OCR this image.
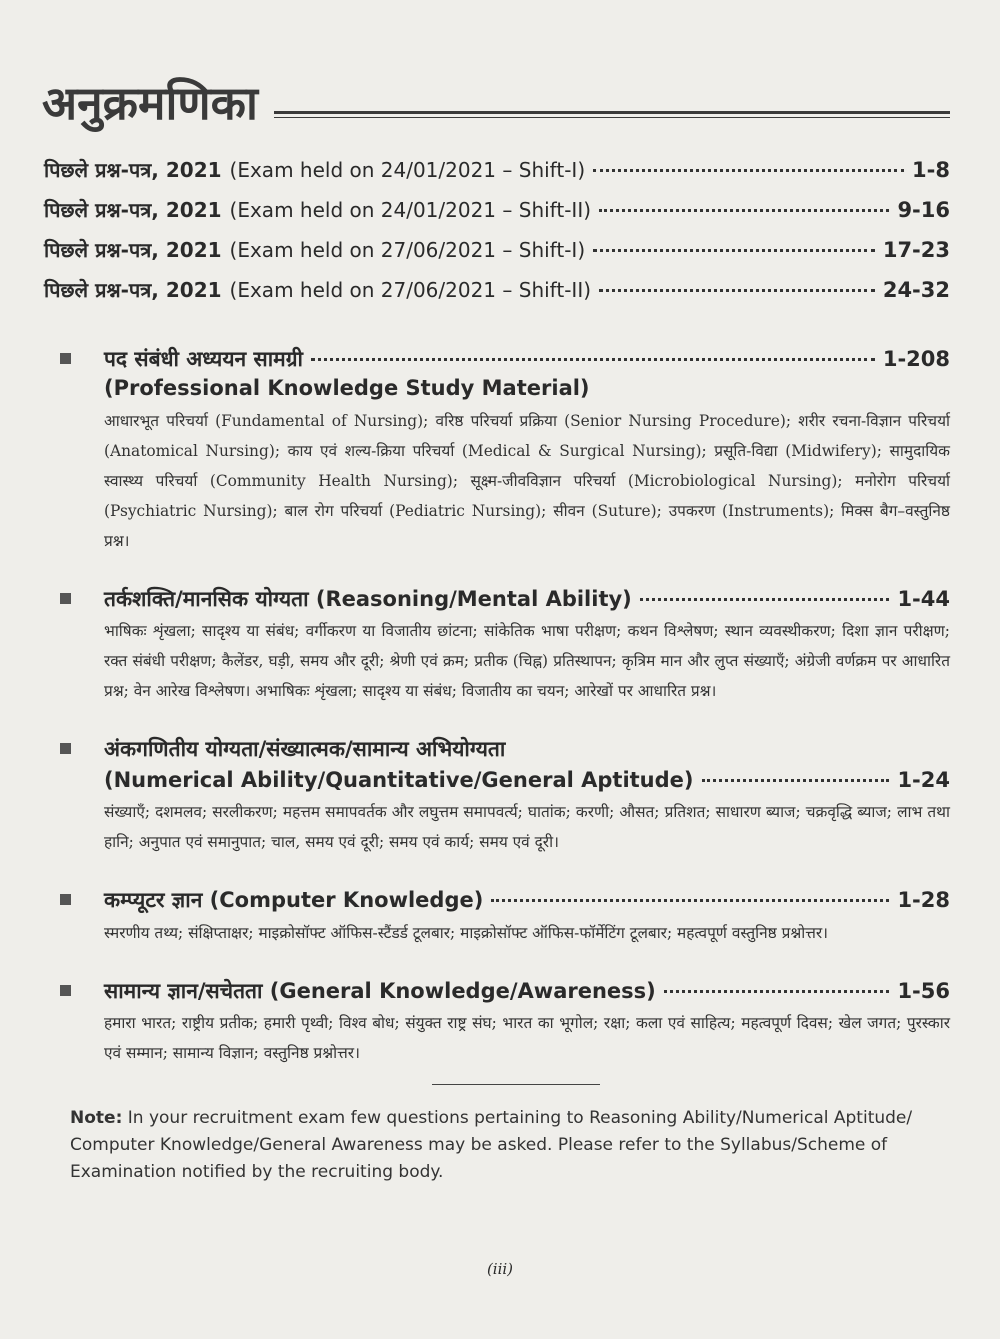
अनुक्रमणिका
पिछले प्रश्न-पत्र, 2021 (Exam held on 24/01/2021 – Shift-I)	1-8
पिछले प्रश्न-पत्र, 2021 (Exam held on 24/01/2021 – Shift-II)	9-16
पिछले प्रश्न-पत्र, 2021 (Exam held on 27/06/2021 – Shift-I)	17-23
पिछले प्रश्न-पत्र, 2021 (Exam held on 27/06/2021 – Shift-II)	24-32
पद संबंधी अध्ययन सामग्री	1-208
(Professional Knowledge Study Material)
आधारभूत परिचर्या (Fundamental of Nursing); वरिष्ठ परिचर्या प्रक्रिया (Senior Nursing Procedure); शरीर रचना-विज्ञान परिचर्या (Anatomical Nursing); काय एवं शल्य-क्रिया परिचर्या (Medical & Surgical Nursing); प्रसूति-विद्या (Midwifery); सामुदायिक स्वास्थ्य परिचर्या (Community Health Nursing); सूक्ष्म-जीवविज्ञान परिचर्या (Microbiological Nursing); मनोरोग परिचर्या (Psychiatric Nursing); बाल रोग परिचर्या (Pediatric Nursing); सीवन (Suture); उपकरण (Instruments); मिक्स बैग–वस्तुनिष्ठ प्रश्न।
तर्कशक्ति/मानसिक योग्यता (Reasoning/Mental Ability)	1-44
भाषिकः शृंखला; सादृश्य या संबंध; वर्गीकरण या विजातीय छांटना; सांकेतिक भाषा परीक्षण; कथन विश्लेषण; स्थान व्यवस्थीकरण; दिशा ज्ञान परीक्षण; रक्त संबंधी परीक्षण; कैलेंडर, घड़ी, समय और दूरी; श्रेणी एवं क्रम; प्रतीक (चिह्न) प्रतिस्थापन; कृत्रिम मान और लुप्त संख्याएँ; अंग्रेजी वर्णक्रम पर आधारित प्रश्न; वेन आरेख विश्लेषण। अभाषिकः शृंखला; सादृश्य या संबंध; विजातीय का चयन; आरेखों पर आधारित प्रश्न।
अंकगणितीय योग्यता/संख्यात्मक/सामान्य अभियोग्यता
(Numerical Ability/Quantitative/General Aptitude)	1-24
संख्याएँ; दशमलव; सरलीकरण; महत्तम समापवर्तक और लघुत्तम समापवर्त्य; घातांक; करणी; औसत; प्रतिशत; साधारण ब्याज; चक्रवृद्धि ब्याज; लाभ तथा हानि; अनुपात एवं समानुपात; चाल, समय एवं दूरी; समय एवं कार्य; समय एवं दूरी।
कम्प्यूटर ज्ञान (Computer Knowledge)	1-28
स्मरणीय तथ्य; संक्षिप्ताक्षर; माइक्रोसॉफ्ट ऑफिस-स्टैंडर्ड टूलबार; माइक्रोसॉफ्ट ऑफिस-फॉर्मेटिंग टूलबार; महत्वपूर्ण वस्तुनिष्ठ प्रश्नोत्तर।
सामान्य ज्ञान/सचेतता (General Knowledge/Awareness)	1-56
हमारा भारत; राष्ट्रीय प्रतीक; हमारी पृथ्वी; विश्व बोध; संयुक्त राष्ट्र संघ; भारत का भूगोल; रक्षा; कला एवं साहित्य; महत्वपूर्ण दिवस; खेल जगत; पुरस्कार एवं सम्मान; सामान्य विज्ञान; वस्तुनिष्ठ प्रश्नोत्तर।
Note: In your recruitment exam few questions pertaining to Reasoning Ability/Numerical Aptitude/ Computer Knowledge/General Awareness may be asked. Please refer to the Syllabus/Scheme of Examination notified by the recruiting body.
(iii)
